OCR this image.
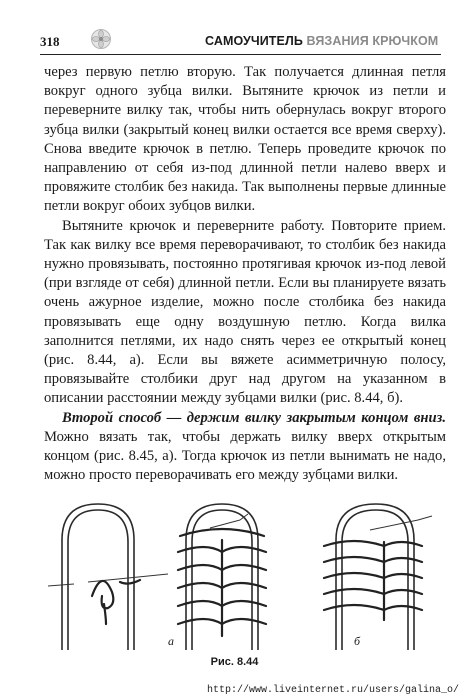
318	САМОУЧИТЕЛЬ ВЯЗАНИЯ КРЮЧКОМ

через первую петлю вторую. Так получается длинная петля вокруг одного зубца вилки. Вытяните крючок из петли и переверните вилку так, чтобы нить обернулась вокруг второго зубца вилки (закрытый конец вилки остается все время сверху). Снова введите крючок в петлю. Теперь проведите крючок по направлению от себя из-под длинной петли налево вверх и провяжите столбик без накида. Так выполнены первые длинные петли вокруг обоих зубцов вилки.

Вытяните крючок и переверните работу. Повторите прием. Так как вилку все время переворачивают, то столбик без накида нужно провязывать, постоянно протягивая крючок из-под левой (при взгляде от себя) длинной петли. Если вы планируете вязать очень ажурное изделие, можно после столбика без накида провязывать еще одну воздушную петлю. Когда вилка заполнится петлями, их надо снять через ее открытый конец (рис. 8.44, а). Если вы вяжете асимметричную полосу, провязывайте столбики друг над другом на указанном в описании расстоянии между зубцами вилки (рис. 8.44, б).

Второй способ — держим вилку закрытым концом вниз. Можно вязать так, чтобы держать вилку вверх открытым концом (рис. 8.45, а). Тогда крючок из петли вынимать не надо, можно просто переворачивать его между зубцами вилки.

а	б
Рис. 8.44
http://www.liveinternet.ru/users/galina_o/
